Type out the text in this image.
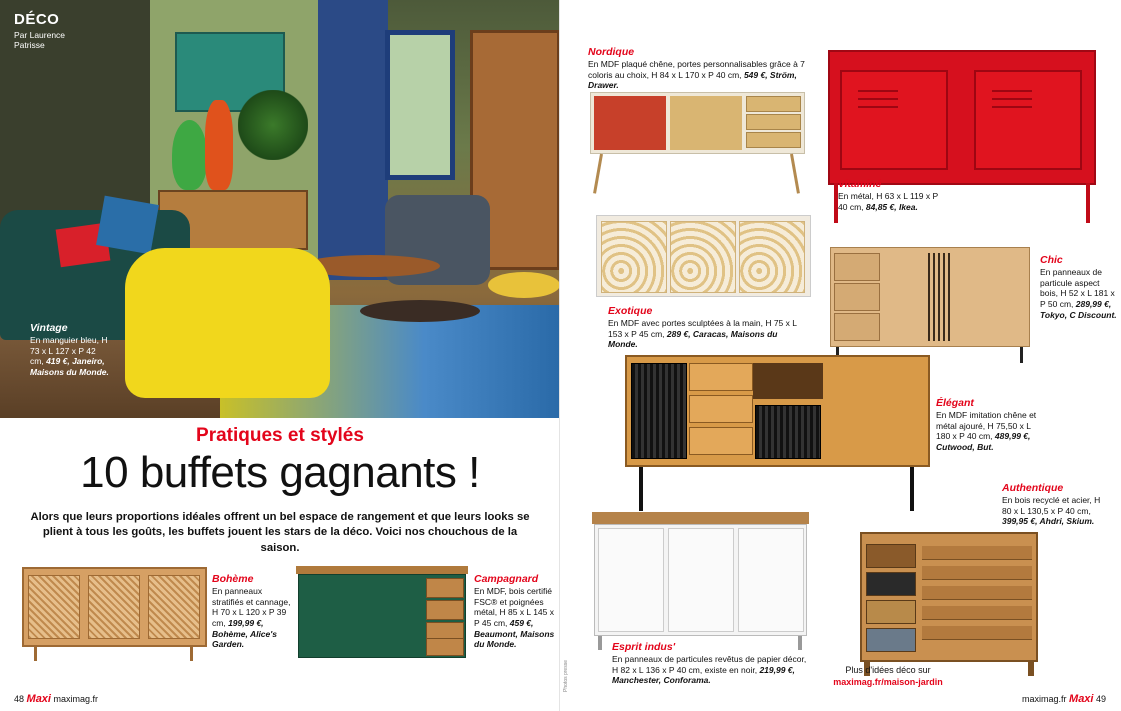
DÉCO
Par Laurence Patrisse
Vintage
En manguier bleu, H 73 x L 127 x P 42 cm, 419 €, Janeiro, Maisons du Monde.
Pratiques et stylés
10 buffets gagnants !
Alors que leurs proportions idéales offrent un bel espace de rangement et que leurs looks se plient à tous les goûts, les buffets jouent les stars de la déco. Voici nos chouchous de la saison.
Bohème
En panneaux stratifiés et cannage, H 70 x L 120 x P 39 cm, 199,99 €, Bohème, Alice's Garden.
Campagnard
En MDF, bois certifié FSC® et poignées métal, H 85 x L 145 x P 45 cm, 459 €, Beaumont, Maisons du Monde.
48 Maxi maximag.fr
Nordique
En MDF plaqué chêne, portes personnalisables grâce à 7 coloris au choix, H 84 x L 170 x P 40 cm, 549 €, Ström, Drawer.
Vitaminé
En métal, H 63 x L 119 x P 40 cm, 84,85 €, Ikea.
Exotique
En MDF avec portes sculptées à la main, H 75 x L 153 x P 45 cm, 289 €, Caracas, Maisons du Monde.
Chic
En panneaux de particule aspect bois, H 52 x L 181 x P 50 cm, 289,99 €, Tokyo, C Discount.
Élégant
En MDF imitation chêne et métal ajouré, H 75,50 x L 180 x P 40 cm, 489,99 €, Cutwood, But.
Authentique
En bois recyclé et acier, H 80 x L 130,5 x P 40 cm, 399,95 €, Ahdri, Skium.
Esprit indus'
En panneaux de particules revêtus de papier décor, H 82 x L 136 x P 40 cm, existe en noir, 219,99 €, Manchester, Conforama.
Plus d'idées déco sur
maximag.fr/maison-jardin
Photos presse
maximag.fr Maxi 49
